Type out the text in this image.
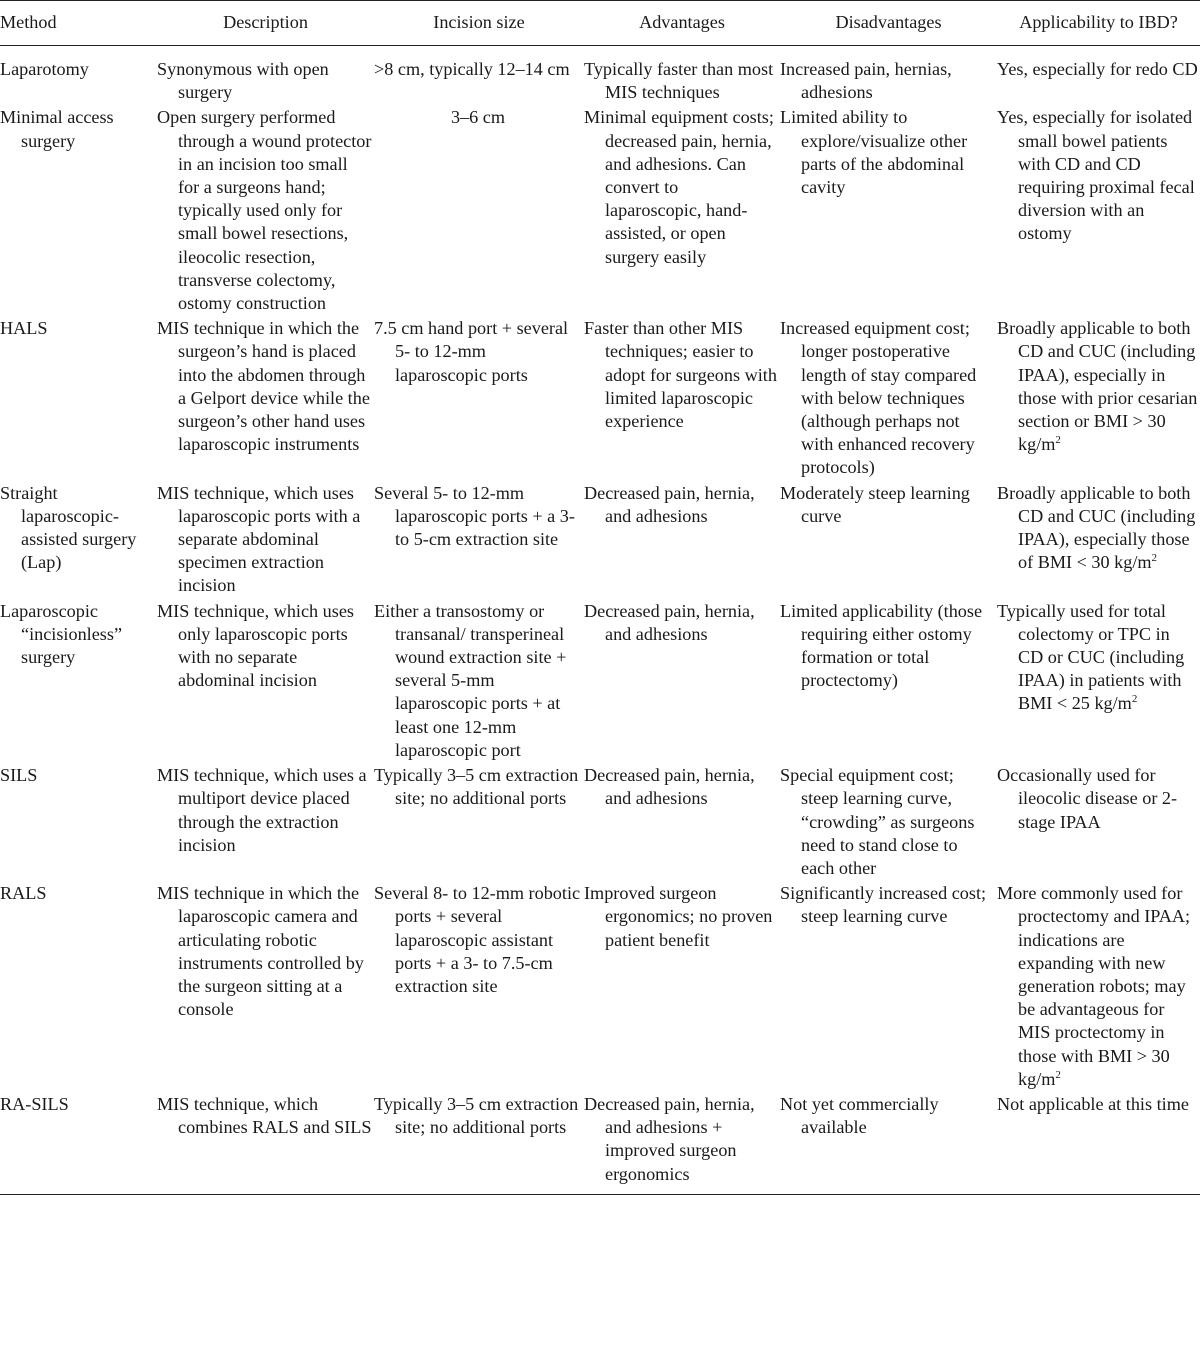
Method	Description	Incision size	Advantages	Disadvantages	Applicability to IBD?

Laparotomy	Synonymous with open surgery	>8 cm, typically 12–14 cm	Typically faster than most MIS techniques	Increased pain, hernias, adhesions	Yes, especially for redo CD

Minimal access surgery	Open surgery performed through a wound protector in an incision too small for a surgeons hand; typically used only for small bowel resections, ileocolic resection, transverse colectomy, ostomy construction	3–6 cm	Minimal equipment costs; decreased pain, hernia, and adhesions. Can convert to laparoscopic, hand-assisted, or open surgery easily	Limited ability to explore/visualize other parts of the abdominal cavity	Yes, especially for isolated small bowel patients with CD and CD requiring proximal fecal diversion with an ostomy

HALS	MIS technique in which the surgeon’s hand is placed into the abdomen through a Gelport device while the surgeon’s other hand uses laparoscopic instruments	7.5 cm hand port + several 5- to 12-mm laparoscopic ports	Faster than other MIS techniques; easier to adopt for surgeons with limited laparoscopic experience	Increased equipment cost; longer postoperative length of stay compared with below techniques (although perhaps not with enhanced recovery protocols)	Broadly applicable to both CD and CUC (including IPAA), especially in those with prior cesarian section or BMI > 30 $kg/m^2$

Straight laparoscopic-assisted surgery (Lap)	MIS technique, which uses laparoscopic ports with a separate abdominal specimen extraction incision	Several 5- to 12-mm laparoscopic ports + a 3- to 5-cm extraction site	Decreased pain, hernia, and adhesions	Moderately steep learning curve	Broadly applicable to both CD and CUC (including IPAA), especially those of BMI < 30 $kg/m^2$

Laparoscopic “incisionless” surgery	MIS technique, which uses only laparoscopic ports with no separate abdominal incision	Either a transostomy or transanal/ transperineal wound extraction site + several 5-mm laparoscopic ports + at least one 12-mm laparoscopic port	Decreased pain, hernia, and adhesions	Limited applicability (those requiring either ostomy formation or total proctectomy)	Typically used for total colectomy or TPC in CD or CUC (including IPAA) in patients with BMI < 25 $kg/m^2$

SILS	MIS technique, which uses a multiport device placed through the extraction incision	Typically 3–5 cm extraction site; no additional ports	Decreased pain, hernia, and adhesions	Special equipment cost; steep learning curve, “crowding” as surgeons need to stand close to each other	Occasionally used for ileocolic disease or 2-stage IPAA

RALS	MIS technique in which the laparoscopic camera and articulating robotic instruments controlled by the surgeon sitting at a console	Several 8- to 12-mm robotic ports + several laparoscopic assistant ports + a 3- to 7.5-cm extraction site	Improved surgeon ergonomics; no proven patient benefit	Significantly increased cost; steep learning curve	More commonly used for proctectomy and IPAA; indications are expanding with new generation robots; may be advantageous for MIS proctectomy in those with BMI > 30 $kg/m^2$

RA-SILS	MIS technique, which combines RALS and SILS	Typically 3–5 cm extraction site; no additional ports	Decreased pain, hernia, and adhesions + improved surgeon ergonomics	Not yet commercially available	Not applicable at this time
